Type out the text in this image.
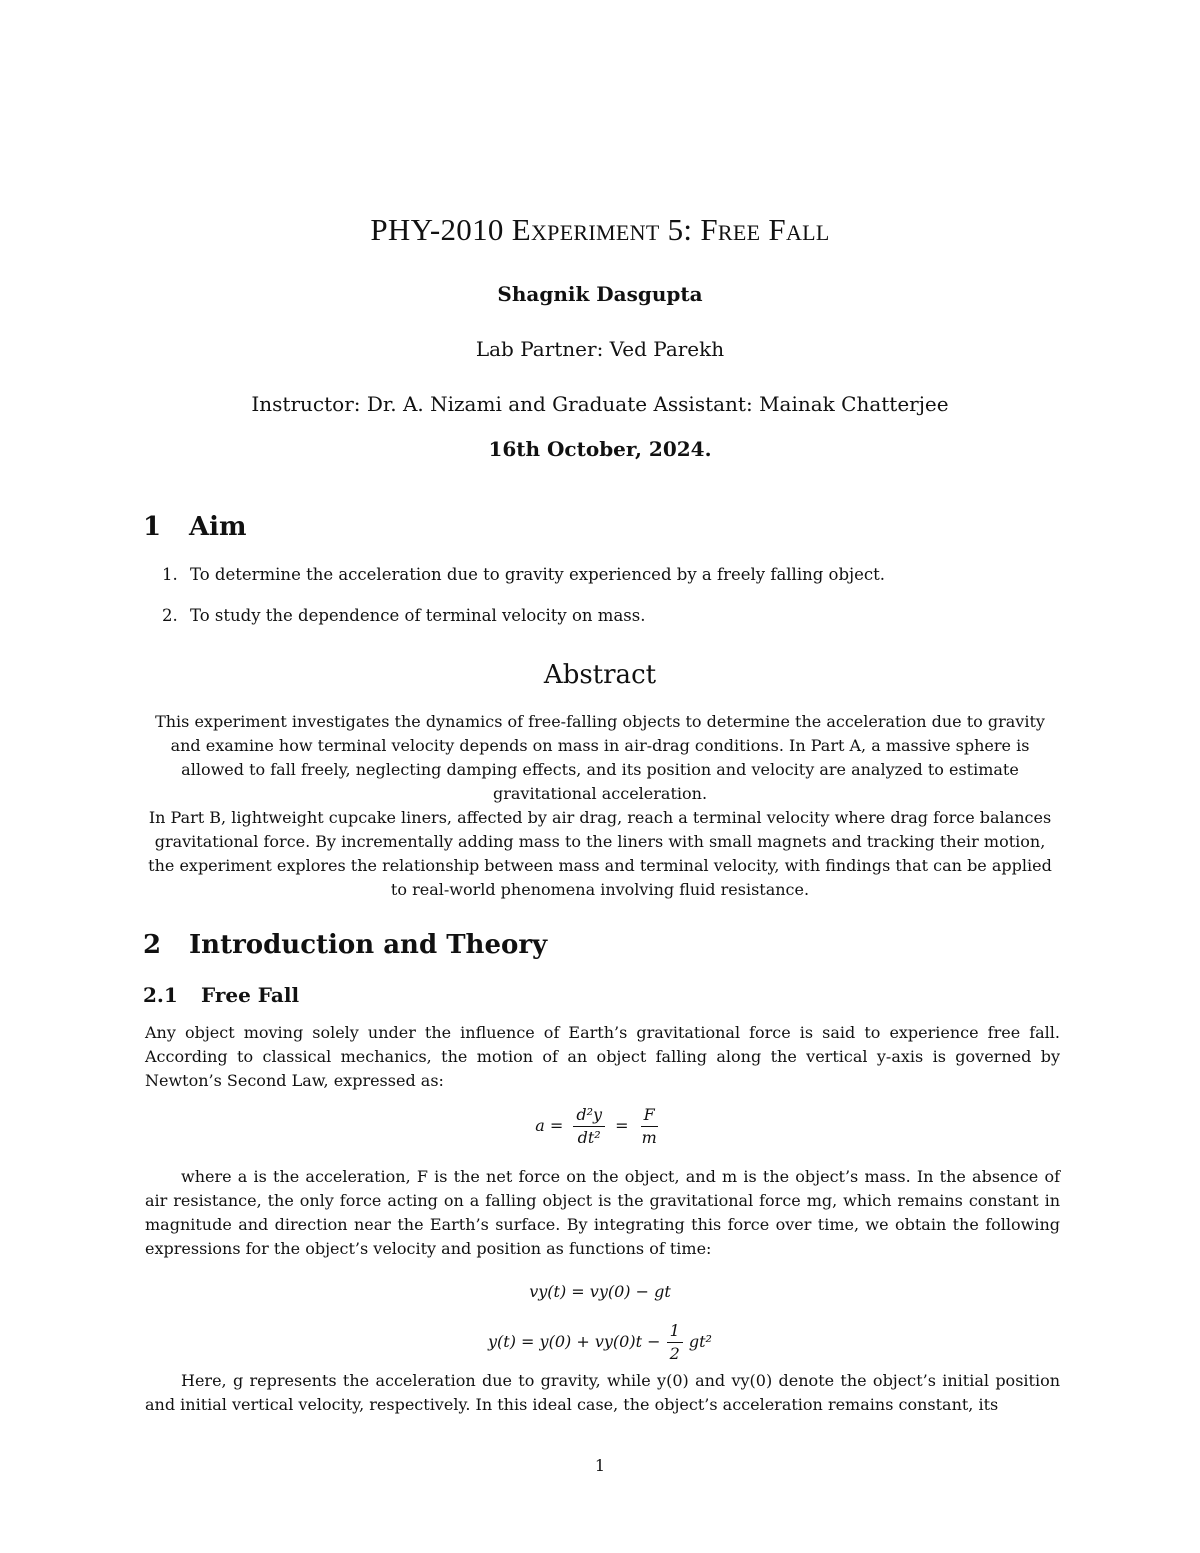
PHY-2010 Experiment 5: Free Fall
Shagnik Dasgupta
Lab Partner: Ved Parekh
Instructor: Dr. A. Nizami and Graduate Assistant: Mainak Chatterjee
16th October, 2024.
1 Aim
1. To determine the acceleration due to gravity experienced by a freely falling object.
2. To study the dependence of terminal velocity on mass.
Abstract

This experiment investigates the dynamics of free-falling objects to determine the acceleration due to gravity and examine how terminal velocity depends on mass in air-drag conditions. In Part A, a massive sphere is allowed to fall freely, neglecting damping effects, and its position and velocity are analyzed to estimate gravitational acceleration.

In Part B, lightweight cupcake liners, affected by air drag, reach a terminal velocity where drag force balances gravitational force. By incrementally adding mass to the liners with small magnets and tracking their motion, the experiment explores the relationship between mass and terminal velocity, with findings that can be applied to real-world phenomena involving fluid resistance.

2 Introduction and Theory
2.1 Free Fall

Any object moving solely under the influence of Earth’s gravitational force is said to experience free fall. According to classical mechanics, the motion of an object falling along the vertical y-axis is governed by Newton’s Second Law, expressed as:

$a = \frac{\text{d²y}}{\text{dt²}} = \frac{F}{m}$

where a is the acceleration, F is the net force on the object, and m is the object’s mass. In the absence of air resistance, the only force acting on a falling object is the gravitational force mg, which remains constant in magnitude and direction near the Earth’s surface. By integrating this force over time, we obtain the following expressions for the object’s velocity and position as functions of time:

vy(t) = vy(0) − gt
$y(t) = y(0) + vy(0)t - \frac{1}{2} gt^2$

Here, g represents the acceleration due to gravity, while y(0) and vy(0) denote the object’s initial position and initial vertical velocity, respectively. In this ideal case, the object’s acceleration remains constant, its

1
